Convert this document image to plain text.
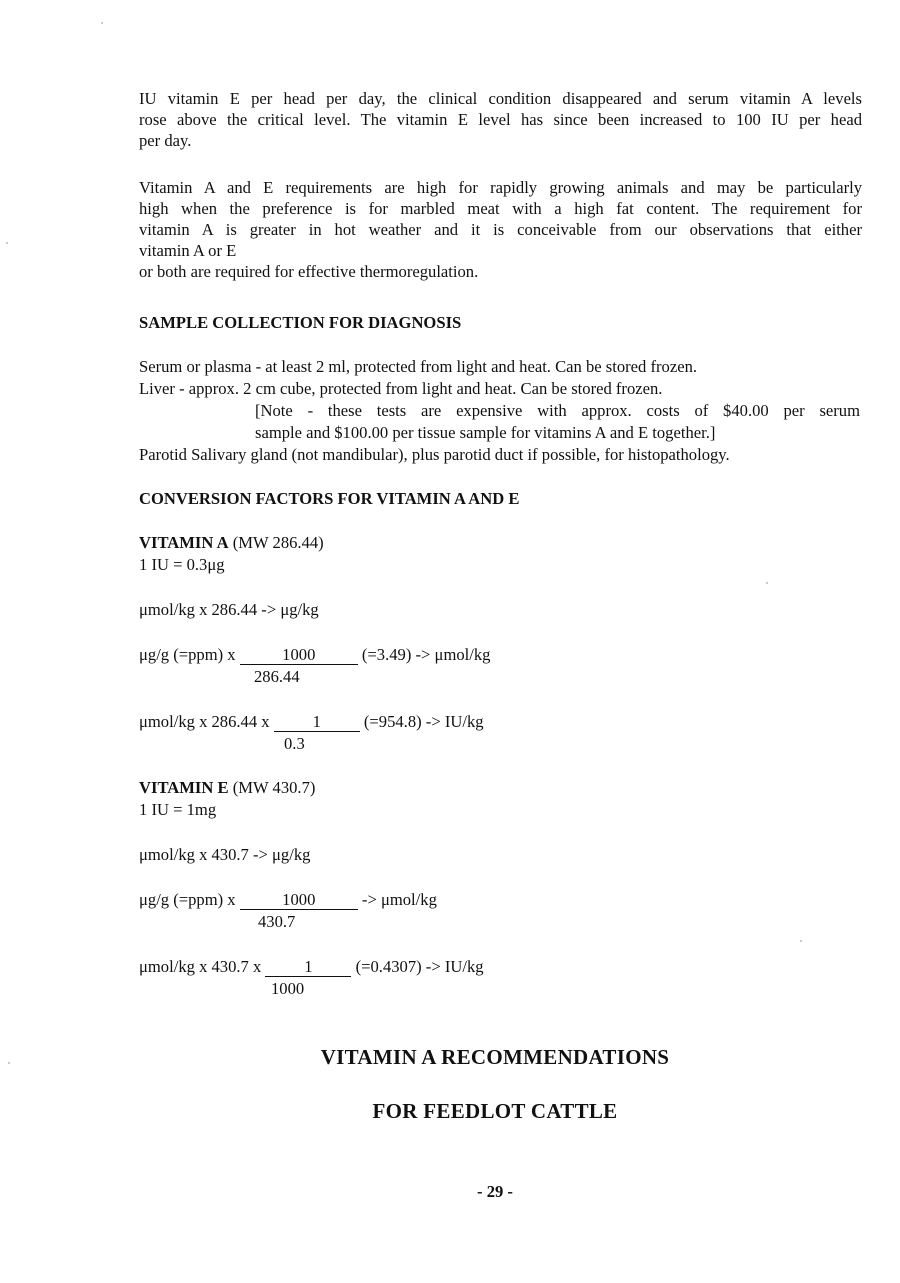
IU vitamin E per head per day, the clinical condition disappeared and serum vitamin A levels
rose above the critical level. The vitamin E level has since been increased to 100 IU per head
per day.
Vitamin A and E requirements are high for rapidly growing animals and may be particularly
high when the preference is for marbled meat with a high fat content. The requirement for
vitamin A is greater in hot weather and it is conceivable from our observations that either
vitamin A or E
or both are required for effective thermoregulation.
SAMPLE COLLECTION FOR DIAGNOSIS
Serum or plasma - at least 2 ml, protected from light and heat. Can be stored frozen.
Liver - approx. 2 cm cube, protected from light and heat. Can be stored frozen.
[Note - these tests are expensive with approx. costs of $40.00 per serum
sample and $100.00 per tissue sample for vitamins A and E together.]
Parotid Salivary gland (not mandibular), plus parotid duct if possible, for histopathology.
CONVERSION FACTORS FOR VITAMIN A AND E
VITAMIN A (MW 286.44)
1 IU = 0.3μg
μmol/kg x 286.44 -> μg/kg
μg/g (=ppm) x	1000	(=3.49) -> μmol/kg
286.44
μmol/kg x 286.44 x	1	(=954.8) -> IU/kg
0.3
VITAMIN E (MW 430.7)
1 IU = 1mg
μmol/kg x 430.7 -> μg/kg
μg/g (=ppm) x	1000	-> μmol/kg
430.7
μmol/kg x 430.7 x	1	(=0.4307) -> IU/kg
1000
VITAMIN A RECOMMENDATIONS
FOR FEEDLOT CATTLE
- 29 -
